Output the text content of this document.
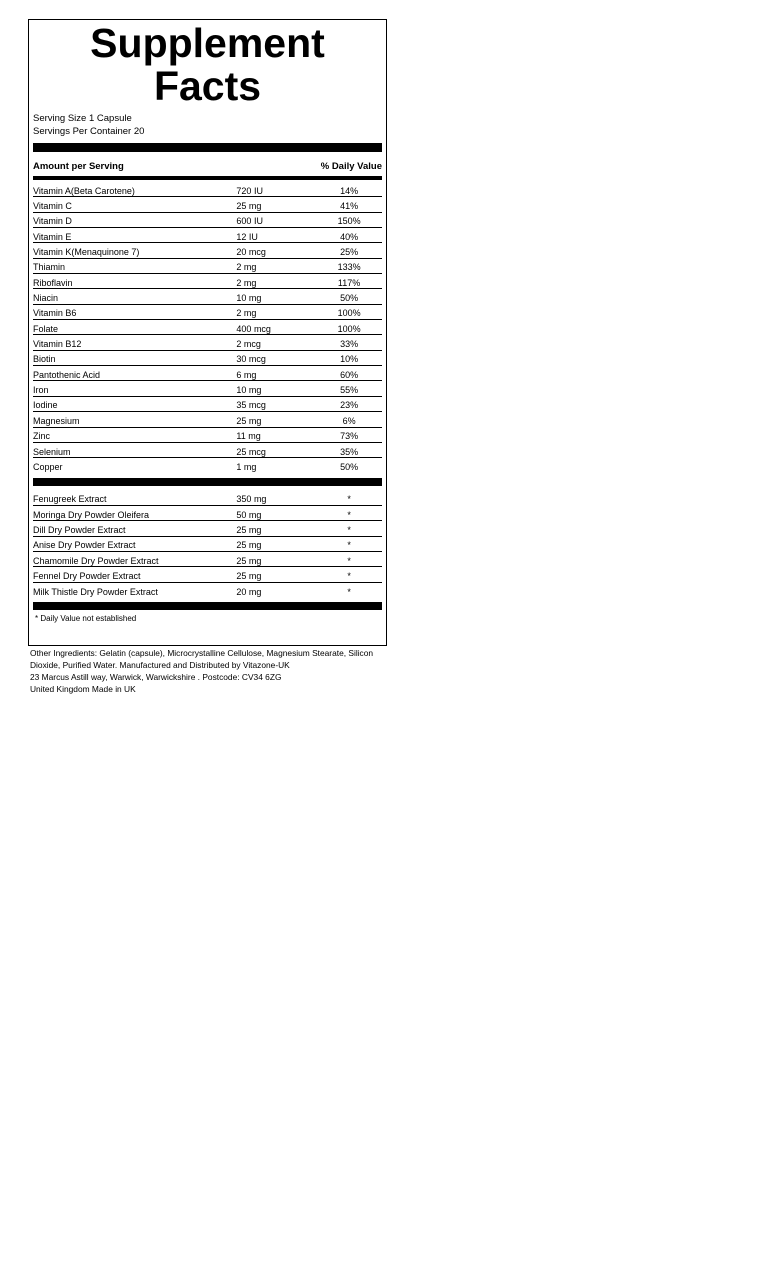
Supplement
Facts
Serving Size 1 Capsule
Servings Per Container 20
Amount per Serving	% Daily Value
Vitamin A(Beta Carotene)	720 IU	14%
Vitamin C	25 mg	41%
Vitamin D	600 IU	150%
Vitamin E	12 IU	40%
Vitamin K(Menaquinone 7)	20 mcg	25%
Thiamin	2 mg	133%
Riboflavin	2 mg	117%
Niacin	10 mg	50%
Vitamin B6	2 mg	100%
Folate	400 mcg	100%
Vitamin B12	2 mcg	33%
Biotin	30 mcg	10%
Pantothenic Acid	6 mg	60%
Iron	10 mg	55%
Iodine	35 mcg	23%
Magnesium	25 mg	6%
Zinc	11 mg	73%
Selenium	25 mcg	35%
Copper	1 mg	50%
Fenugreek Extract	350 mg	*
Moringa Dry Powder Oleifera	50 mg	*
Dill Dry Powder Extract	25 mg	*
Anise Dry Powder Extract	25 mg	*
Chamomile Dry Powder Extract	25 mg	*
Fennel Dry Powder Extract	25 mg	*
Milk Thistle Dry Powder Extract	20 mg	*
* Daily Value not established
Other Ingredients: Gelatin (capsule), Microcrystalline Cellulose, Magnesium Stearate, Silicon
Dioxide, Purified Water. Manufactured and Distributed by Vitazone-UK
23 Marcus Astill way, Warwick, Warwickshire . Postcode: CV34 6ZG
United Kingdom Made in UK
